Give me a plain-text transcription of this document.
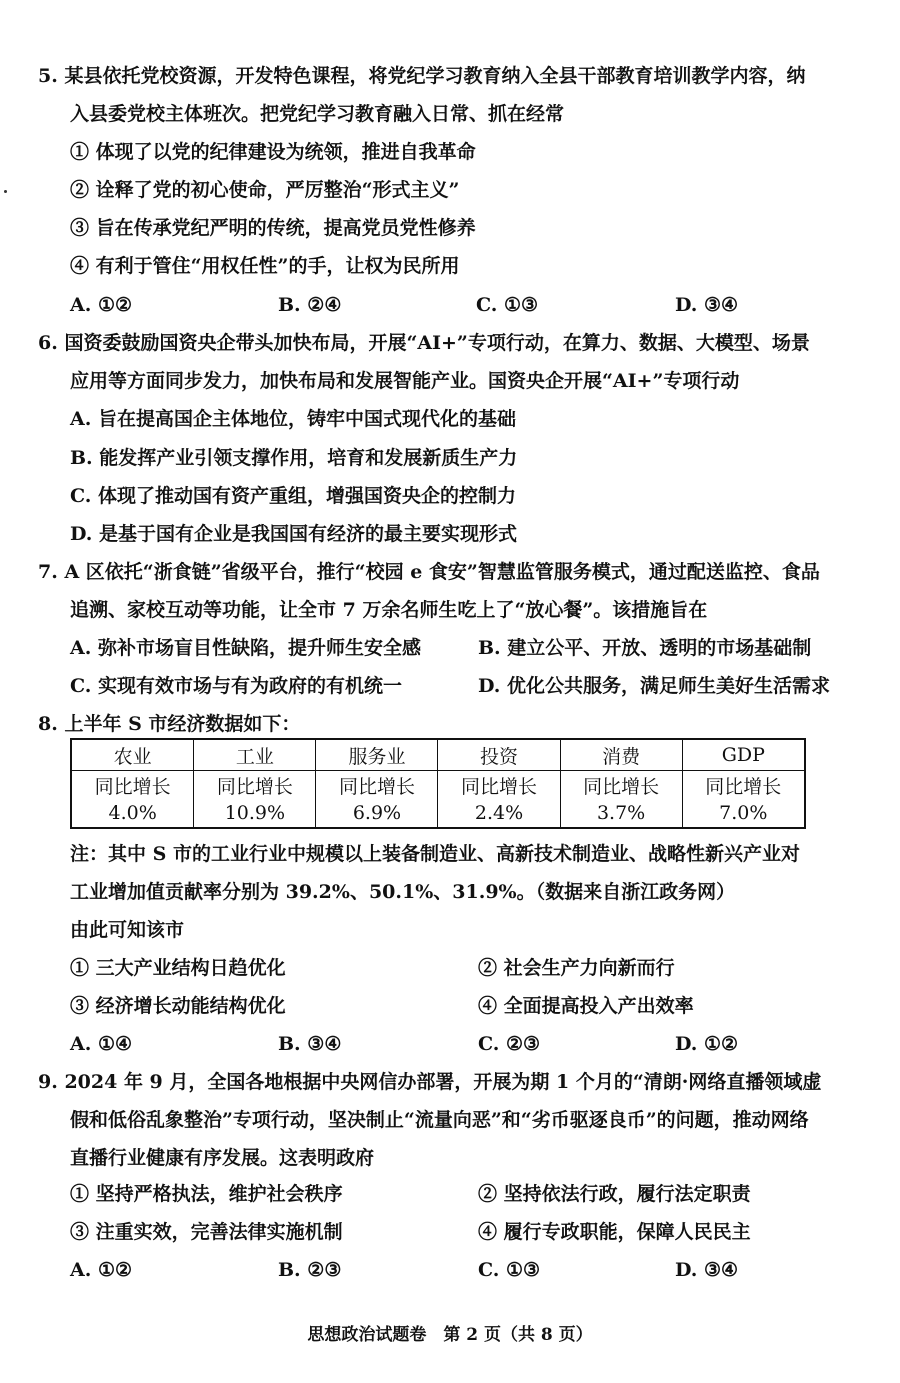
5. 某县依托党校资源，开发特色课程，将党纪学习教育纳入全县干部教育培训教学内容，纳
入县委党校主体班次。把党纪学习教育融入日常、抓在经常
① 体现了以党的纪律建设为统领，推进自我革命
② 诠释了党的初心使命，严厉整治“形式主义”
③ 旨在传承党纪严明的传统，提高党员党性修养
④ 有利于管住“用权任性”的手，让权为民所用
A. ①②	B. ②④	C. ①③	D. ③④
6. 国资委鼓励国资央企带头加快布局，开展“AI+”专项行动，在算力、数据、大模型、场景
应用等方面同步发力，加快布局和发展智能产业。国资央企开展“AI+”专项行动
A. 旨在提高国企主体地位，铸牢中国式现代化的基础
B. 能发挥产业引领支撑作用，培育和发展新质生产力
C. 体现了推动国有资产重组，增强国资央企的控制力
D. 是基于国有企业是我国国有经济的最主要实现形式
7. A 区依托“浙食链”省级平台，推行“校园 e 食安”智慧监管服务模式，通过配送监控、食品
追溯、家校互动等功能，让全市 7 万余名师生吃上了“放心餐”。该措施旨在
A. 弥补市场盲目性缺陷，提升师生安全感	B. 建立公平、开放、透明的市场基础制
C. 实现有效市场与有为政府的有机统一	D. 优化公共服务，满足师生美好生活需求
8. 上半年 S 市经济数据如下：
农业	工业	服务业	投资	消费	GDP
同比增长	同比增长	同比增长	同比增长	同比增长	同比增长
4.0%	10.9%	6.9%	2.4%	3.7%	7.0%
注：其中 S 市的工业行业中规模以上装备制造业、高新技术制造业、战略性新兴产业对
工业增加值贡献率分别为 39.2%、50.1%、31.9%。（数据来自浙江政务网）
由此可知该市
① 三大产业结构日趋优化	② 社会生产力向新而行
③ 经济增长动能结构优化	④ 全面提高投入产出效率
A. ①④	B. ③④	C. ②③	D. ①②
9. 2024 年 9 月，全国各地根据中央网信办部署，开展为期 1 个月的“清朗·网络直播领域虚
假和低俗乱象整治”专项行动，坚决制止“流量向恶”和“劣币驱逐良币”的问题，推动网络
直播行业健康有序发展。这表明政府
① 坚持严格执法，维护社会秩序	② 坚持依法行政，履行法定职责
③ 注重实效，完善法律实施机制	④ 履行专政职能，保障人民民主
A. ①②	B. ②③	C. ①③	D. ③④
思想政治试题卷　第 2 页（共 8 页）
